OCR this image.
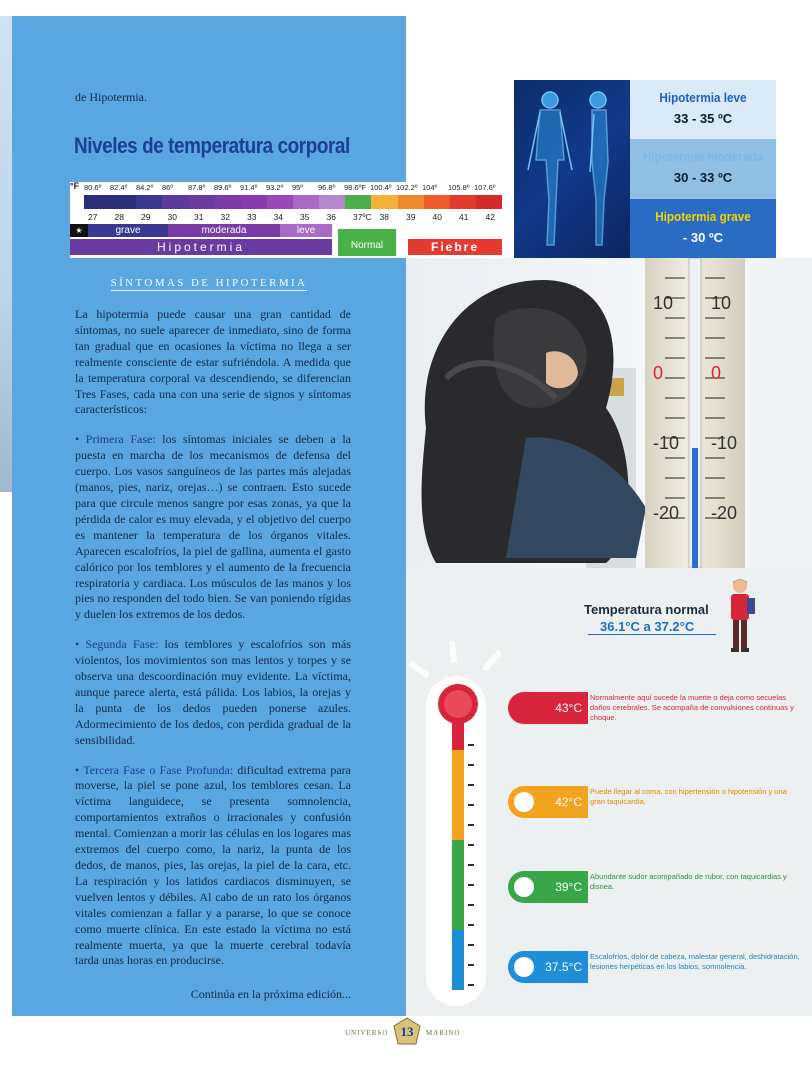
de Hipotermia.
Niveles de temperatura corporal
°F 80.6º 82.4º 84.2º 86º 87.8º 89.6º 91.4º 93.2º 95º 96.8º 98.6ºF 100.4º 102.2º 104º 105.8º 107.6º
27 28 29 30 31 32 33 34 35 36 37ºC 38 39 40 41 42
★	grave	moderada	leve
Hipotermia	Normal	Fiebre
SÍNTOMAS DE HIPOTERMIA

La hipotermia puede causar una gran cantidad de síntomas, no suele aparecer de inmediato, sino de forma tan gradual que en ocasiones la víctima no llega a ser realmente consciente de estar sufriéndola. A medida que la temperatura corporal va descendiendo, se diferencian Tres Fases, cada una con una serie de signos y síntomas característicos:

• Primera Fase: los síntomas iniciales se deben a la puesta en marcha de los mecanismos de defensa del cuerpo. Los vasos sanguíneos de las partes más alejadas (manos, pies, nariz, orejas…) se contraen. Esto sucede para que circule menos sangre por esas zonas, ya que la pérdida de calor es muy elevada, y el objetivo del cuerpo es mantener la temperatura de los órganos vitales. Aparecen escalofríos, la piel de gallina, aumenta el gasto calórico por los temblores y el aumento de la frecuencia respiratoria y cardiaca. Los músculos de las manos y los pies no responden del todo bien. Se van poniendo rígidas y duelen los extremos de los dedos.

• Segunda Fase: los temblores y escalofríos son más violentos, los movimientos son mas lentos y torpes y se observa una descoordinación muy evidente. La víctima, aunque parece alerta, está pálida. Los labios, la orejas y la punta de los dedos pueden ponerse azules. Adormecimiento de los dedos, con perdida gradual de la sensibilidad.

• Tercera Fase o Fase Profunda: dificultad extrema para moverse, la piel se pone azul, los temblores cesan. La víctima languidece, se presenta somnolencia, comportamientos extraños o irracionales y confusión mental. Comienzan a morir las células en los logares mas extremos del cuerpo como, la nariz, la punta de los dedos, de manos, pies, las orejas, la piel de la cara, etc. La respiración y los latidos cardiacos disminuyen, se vuelven lentos y débiles. Al cabo de un rato los órganos vitales comienzan a fallar y a pararse, lo que se conoce como muerte clínica. En este estado la víctima no está realmente muerta, ya que la muerte cerebral todavía tarda unas horas en producirse.

Continúa en la próxima edición...
Hipotermia leve
33 - 35 ºC
Hipotermia moderada
30 - 33 ºC
Hipotermia grave
- 30 ºC
10 10
0	0
-10 -10
-20 -20
Temperatura normal
36.1°C a 37.2°C
43°C
Normalmente aquí sucede la muerte o deja como secuelas daños cerebrales. Se acompaña de convulsiones continuas y choque.
42°C
Puede llegar al coma, con hipertensión o hipotensión y una gran taquicardia.
39°C
Abundante sudor acompañado de rubor, con taquicardias y disnea.
37.5°C
Escalofríos, dolor de cabeza, malestar general, deshidratación, lesiones herpéticas en los labios, somnolencia.
UNIVERSO 13	MARINO
